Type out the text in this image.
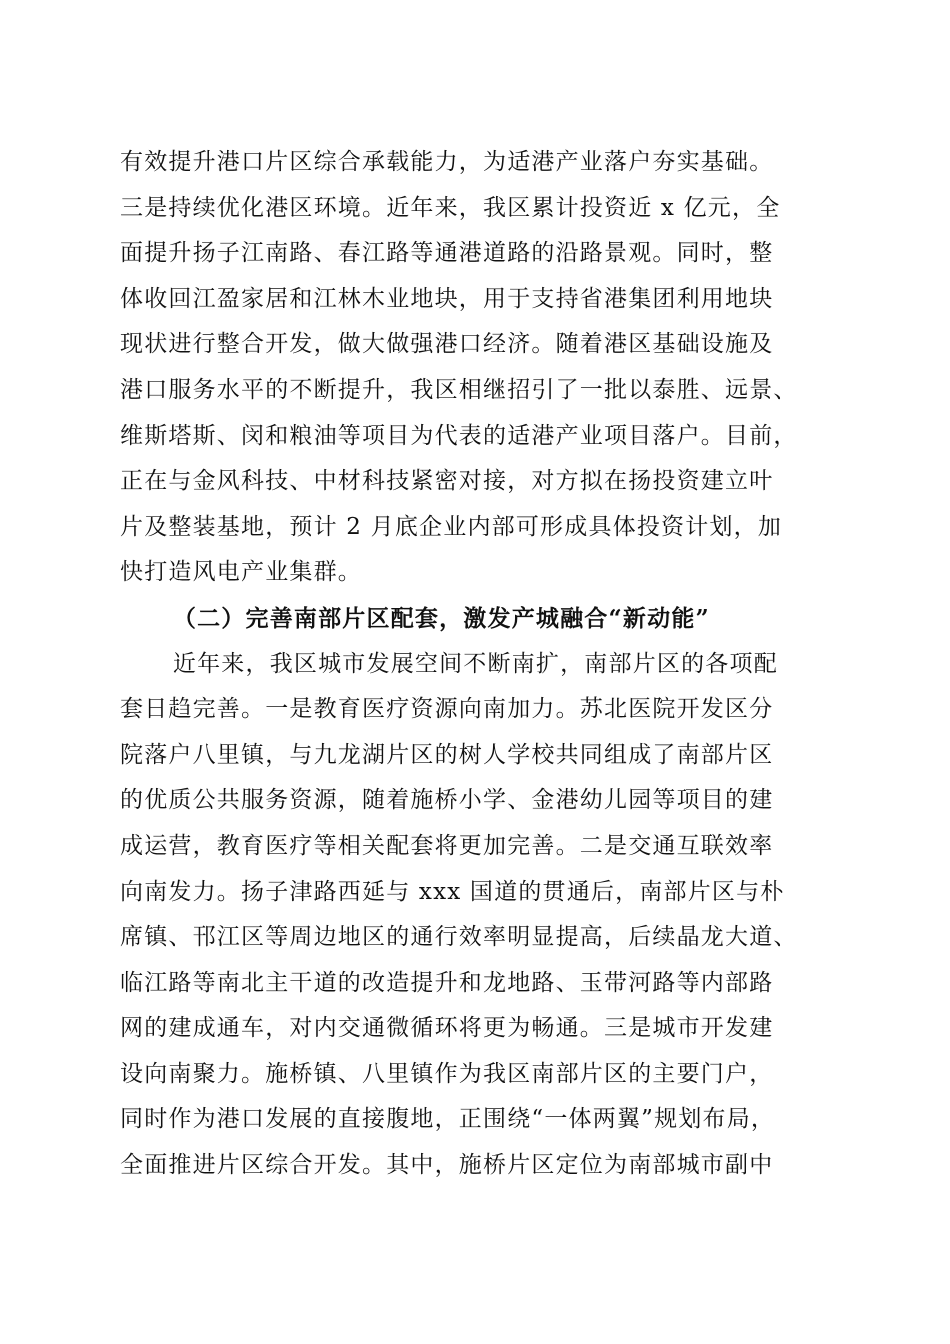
有效提升港口片区综合承载能力，为适港产业落户夯实基础。
三是持续优化港区环境。近年来，我区累计投资近 x 亿元，全
面提升扬子江南路、春江路等通港道路的沿路景观。同时，整
体收回江盈家居和江林木业地块，用于支持省港集团利用地块
现状进行整合开发，做大做强港口经济。随着港区基础设施及
港口服务水平的不断提升，我区相继招引了一批以泰胜、远景、
维斯塔斯、闵和粮油等项目为代表的适港产业项目落户。目前，
正在与金风科技、中材科技紧密对接，对方拟在扬投资建立叶
片及整装基地，预计 2 月底企业内部可形成具体投资计划，加
快打造风电产业集群。
（二）完善南部片区配套，激发产城融合“新动能”
近年来，我区城市发展空间不断南扩，南部片区的各项配
套日趋完善。一是教育医疗资源向南加力。苏北医院开发区分
院落户八里镇，与九龙湖片区的树人学校共同组成了南部片区
的优质公共服务资源，随着施桥小学、金港幼儿园等项目的建
成运营，教育医疗等相关配套将更加完善。二是交通互联效率
向南发力。扬子津路西延与 xxx 国道的贯通后，南部片区与朴
席镇、邗江区等周边地区的通行效率明显提高，后续晶龙大道、
临江路等南北主干道的改造提升和龙地路、玉带河路等内部路
网的建成通车，对内交通微循环将更为畅通。三是城市开发建
设向南聚力。施桥镇、八里镇作为我区南部片区的主要门户，
同时作为港口发展的直接腹地，正围绕“一体两翼”规划布局，
全面推进片区综合开发。其中，施桥片区定位为南部城市副中
